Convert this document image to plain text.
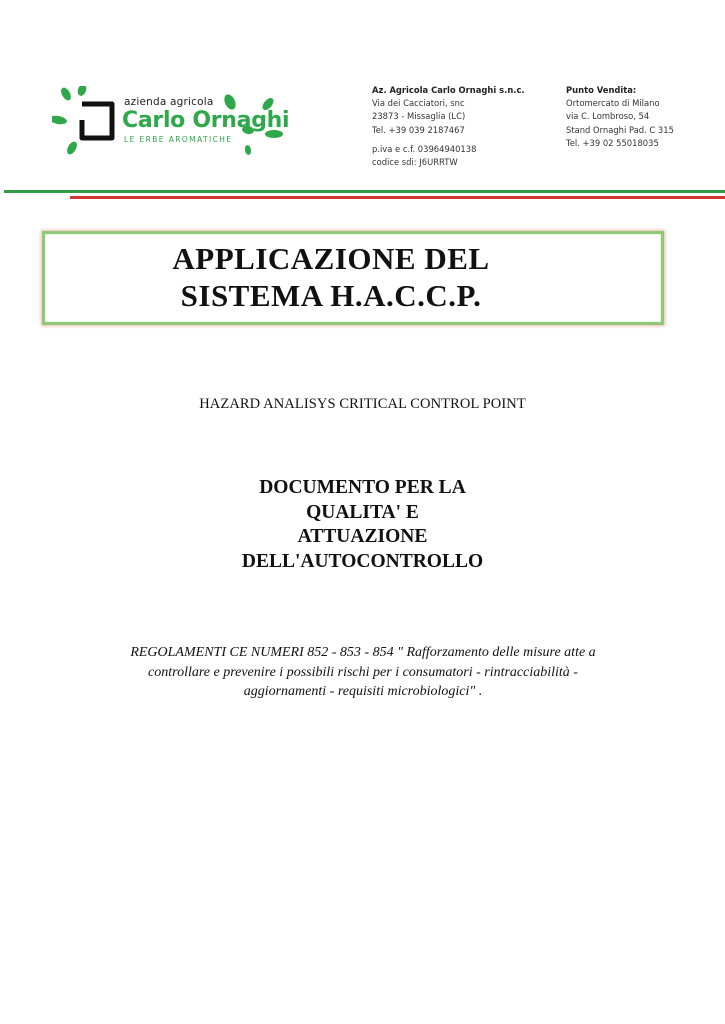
azienda agricola
Carlo Ornaghi
LE ERBE AROMATICHE
Az. Agricola Carlo Ornaghi s.n.c.
Via dei Cacciatori, snc
23873 - Missaglia (LC)
Tel. +39 039 2187467
p.iva e c.f. 03964940138
codice sdi: J6URRTW
Punto Vendita:
Ortomercato di Milano
via C. Lombroso, 54
Stand Ornaghi Pad. C 315
Tel. +39 02 55018035
APPLICAZIONE DEL
SISTEMA H.A.C.C.P.
HAZARD ANALISYS CRITICAL CONTROL POINT
DOCUMENTO PER LA
QUALITA' E
ATTUAZIONE
DELL'AUTOCONTROLLO
REGOLAMENTI CE NUMERI 852 - 853 - 854 " Rafforzamento delle misure atte a
controllare e prevenire i possibili rischi per i consumatori - rintracciabilità -
aggiornamenti - requisiti microbiologici" .
